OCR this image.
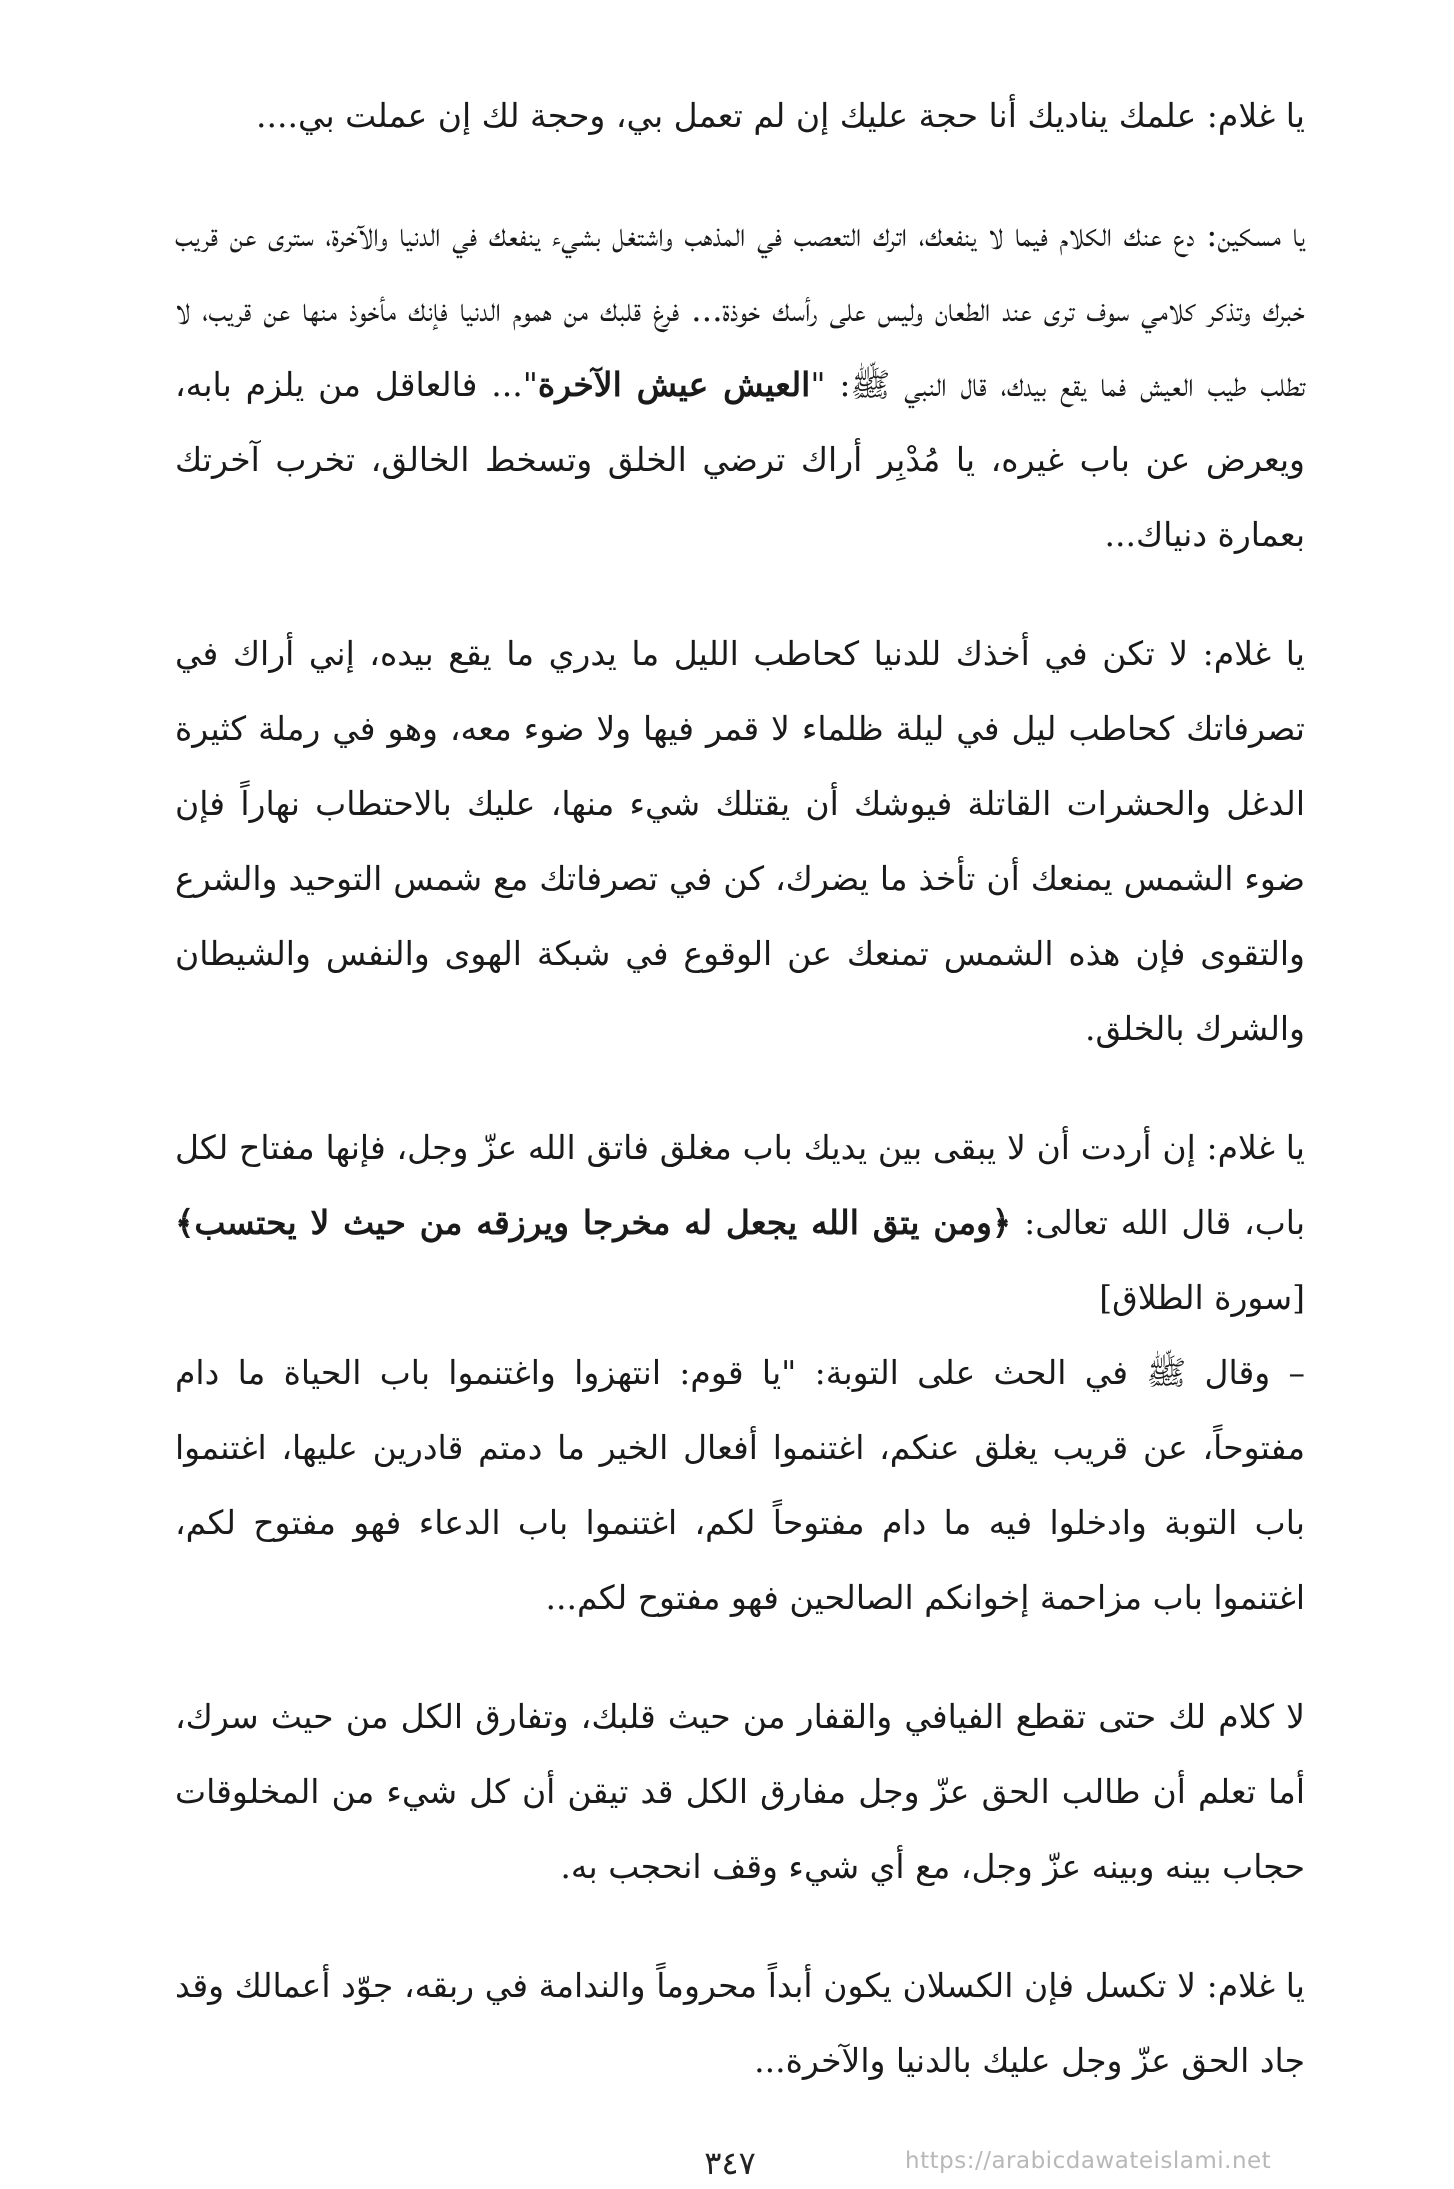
يا غلام: علمك يناديك أنا حجة عليك إن لم تعمل بي، وحجة لك إن عملت بي....

يا مسكين: دع عنك الكلام فيما لا ينفعك، اترك التعصب في المذهب واشتغل بشيء ينفعك في الدنيا والآخرة، سترى عن قريب خبرك وتذكر كلامي سوف ترى عند الطعان وليس على رأسك خوذة... فرغ قلبك من هموم الدنيا فإنك مأخوذ منها عن قريب، لا تطلب طيب العيش فما يقع بيدك، قال النبي ﷺ: "العيش عيش الآخرة"... فالعاقل من يلزم بابه، ويعرض عن باب غيره، يا مُدْبِر أراك ترضي الخلق وتسخط الخالق، تخرب آخرتك بعمارة دنياك...

يا غلام: لا تكن في أخذك للدنيا كحاطب الليل ما يدري ما يقع بيده، إني أراك في تصرفاتك كحاطب ليل في ليلة ظلماء لا قمر فيها ولا ضوء معه، وهو في رملة كثيرة الدغل والحشرات القاتلة فيوشك أن يقتلك شيء منها، عليك بالاحتطاب نهاراً فإن ضوء الشمس يمنعك أن تأخذ ما يضرك، كن في تصرفاتك مع شمس التوحيد والشرع والتقوى فإن هذه الشمس تمنعك عن الوقوع في شبكة الهوى والنفس والشيطان والشرك بالخلق.

يا غلام: إن أردت أن لا يبقى بين يديك باب مغلق فاتق الله عزّ وجل، فإنها مفتاح لكل باب، قال الله تعالى: ﴿ومن يتق الله يجعل له مخرجا ويرزقه من حيث لا يحتسب﴾ [سورة الطلاق]

– وقال ﷺ في الحث على التوبة: "يا قوم: انتهزوا واغتنموا باب الحياة ما دام مفتوحاً، عن قريب يغلق عنكم، اغتنموا أفعال الخير ما دمتم قادرين عليها، اغتنموا باب التوبة وادخلوا فيه ما دام مفتوحاً لكم، اغتنموا باب الدعاء فهو مفتوح لكم، اغتنموا باب مزاحمة إخوانكم الصالحين فهو مفتوح لكم...

لا كلام لك حتى تقطع الفيافي والقفار من حيث قلبك، وتفارق الكل من حيث سرك، أما تعلم أن طالب الحق عزّ وجل مفارق الكل قد تيقن أن كل شيء من المخلوقات حجاب بينه وبينه عزّ وجل، مع أي شيء وقف انحجب به.

يا غلام: لا تكسل فإن الكسلان يكون أبداً محروماً والندامة في ربقه، جوّد أعمالك وقد جاد الحق عزّ وجل عليك بالدنيا والآخرة...

٣٤٧	https://arabicdawateislami.net
